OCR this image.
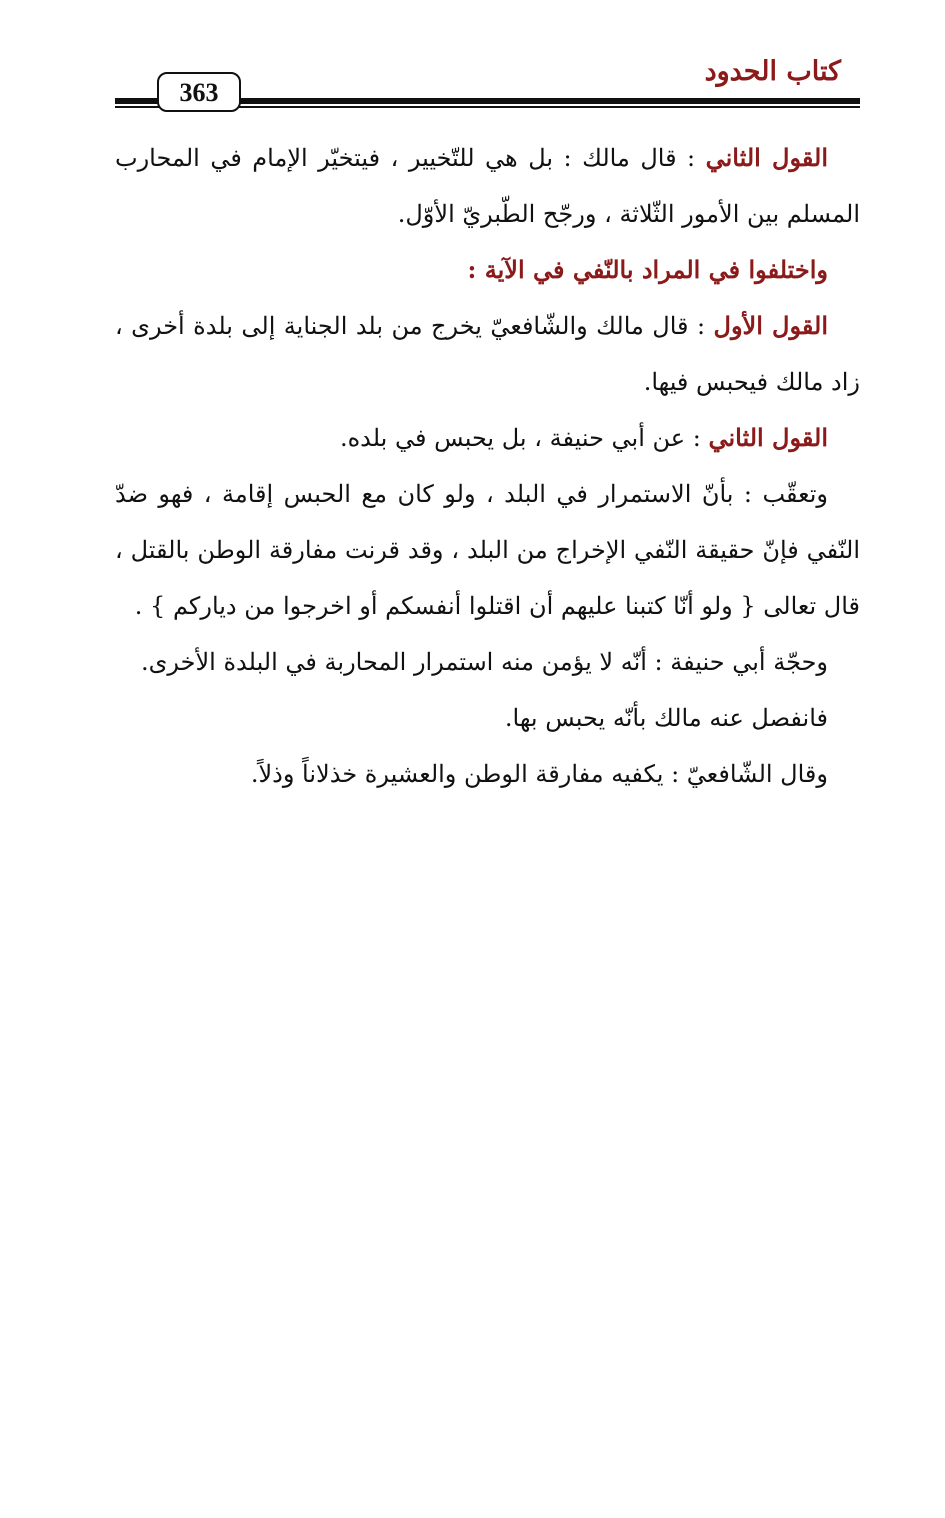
كتاب الحدود
363

القول الثاني : قال مالك : بل هي للتّخيير ، فيتخيّر الإمام في المحارب المسلم بين الأمور الثّلاثة ، ورجّح الطّبريّ الأوّل.

واختلفوا في المراد بالنّفي في الآية :

القول الأول : قال مالك والشّافعيّ يخرج من بلد الجناية إلى بلدة أخرى ، زاد مالك فيحبس فيها.

القول الثاني : عن أبي حنيفة ، بل يحبس في بلده.

وتعقّب : بأنّ الاستمرار في البلد ، ولو كان مع الحبس إقامة ، فهو ضدّ النّفي فإنّ حقيقة النّفي الإخراج من البلد ، وقد قرنت مفارقة الوطن بالقتل ، قال تعالى { ولو أنّا كتبنا عليهم أن اقتلوا أنفسكم أو اخرجوا من دياركم } .

وحجّة أبي حنيفة : أنّه لا يؤمن منه استمرار المحاربة في البلدة الأخرى.

فانفصل عنه مالك بأنّه يحبس بها.

وقال الشّافعيّ : يكفيه مفارقة الوطن والعشيرة خذلاناً وذلاً.
